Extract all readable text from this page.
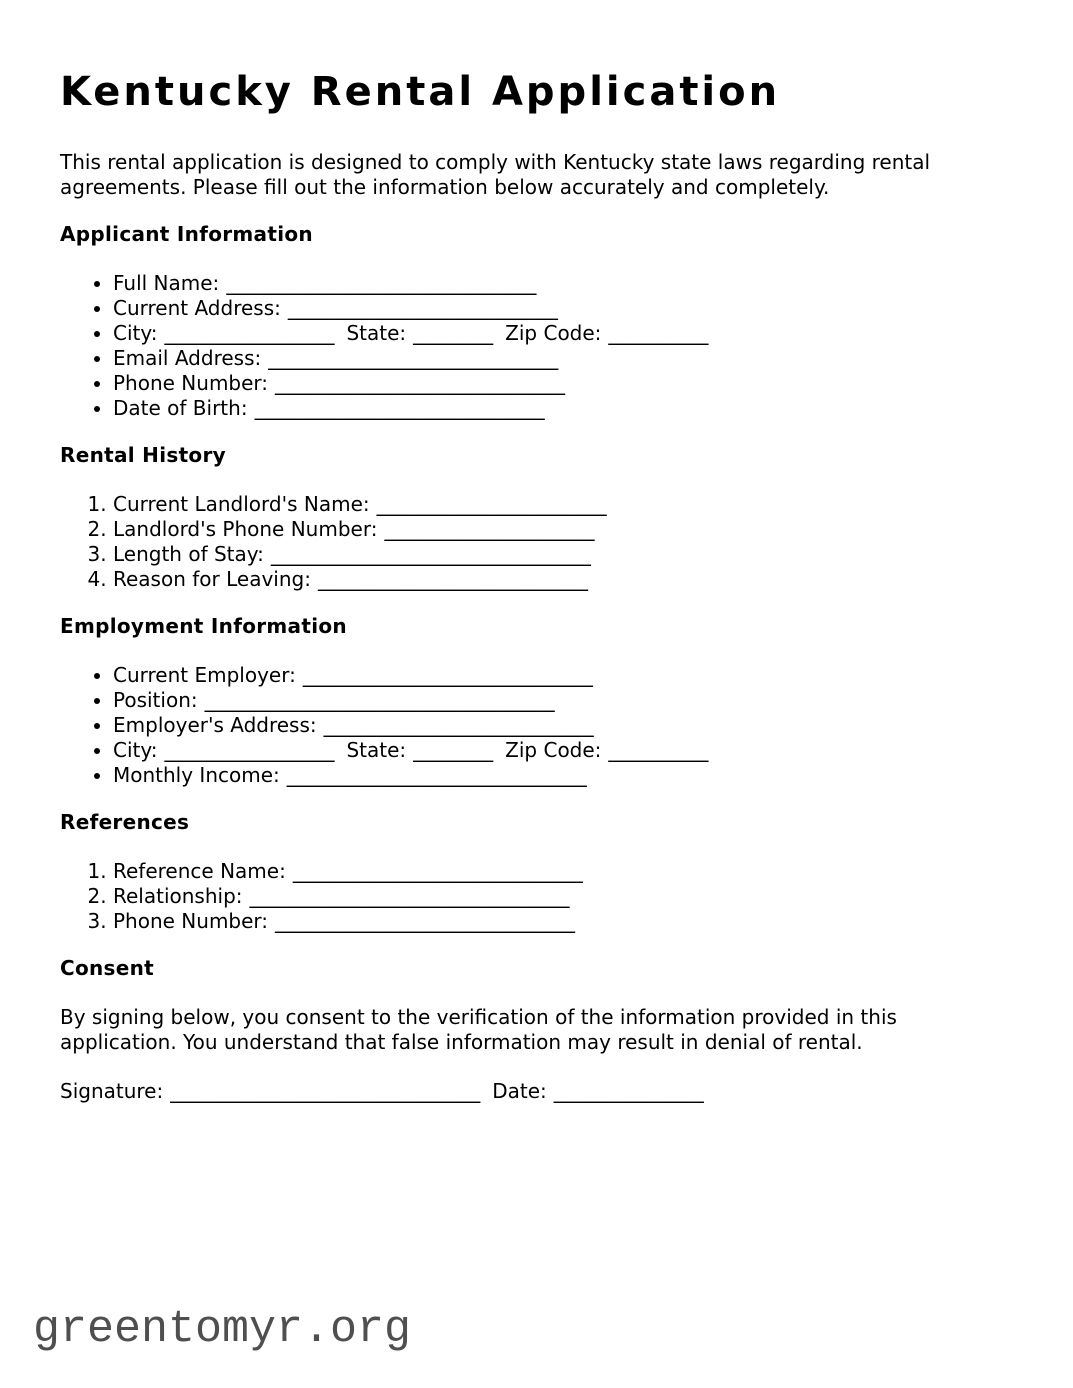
Kentucky Rental Application

This rental application is designed to comply with Kentucky state laws regarding rental
agreements. Please fill out the information below accurately and completely.

Applicant Information
• Full Name: _______________________________
• Current Address: ___________________________
• City: _________________ State: ________ Zip Code: __________
• Email Address: _____________________________
• Phone Number: _____________________________
• Date of Birth: _____________________________
Rental History
1. Current Landlord's Name: _______________________
2. Landlord's Phone Number: _____________________
3. Length of Stay: ________________________________
4. Reason for Leaving: ___________________________
Employment Information
• Current Employer: _____________________________
• Position: ___________________________________
• Employer's Address: ___________________________
• City: _________________ State: ________ Zip Code: __________
• Monthly Income: ______________________________
References
1. Reference Name: _____________________________
2. Relationship: ________________________________
3. Phone Number: ______________________________
Consent

By signing below, you consent to the verification of the information provided in this
application. You understand that false information may result in denial of rental.

Signature: _______________________________ Date: _______________

greentomyr.org
